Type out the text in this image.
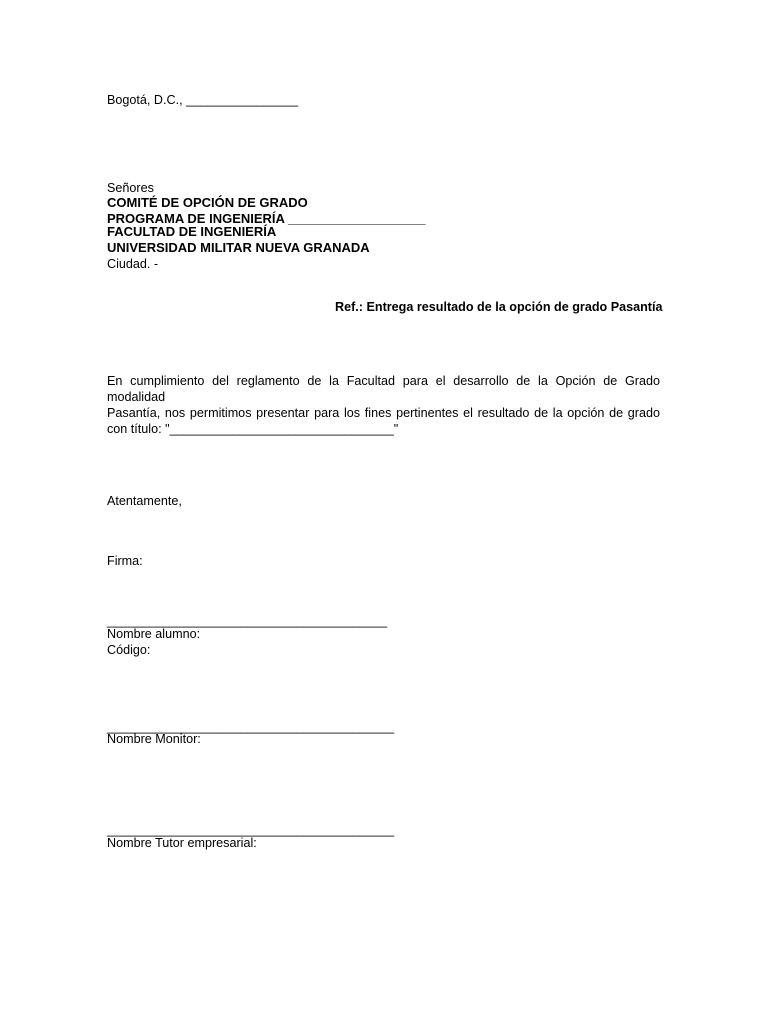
Bogotá, D.C., ________________
Señores
COMITÉ DE OPCIÓN DE GRADO
PROGRAMA DE INGENIERÍA ___________________
FACULTAD DE INGENIERÍA
UNIVERSIDAD MILITAR NUEVA GRANADA
Ciudad. -
Ref.: Entrega resultado de la opción de grado Pasantía
En cumplimiento del reglamento de la Facultad para el desarrollo de la Opción de Grado modalidad
Pasantía, nos permitimos presentar para los fines pertinentes el resultado de la opción de grado
con título: "________________________________"
Atentamente,
Firma:
________________________________________
Nombre alumno:
Código:
_________________________________________
Nombre Monitor:
_________________________________________
Nombre Tutor empresarial:
